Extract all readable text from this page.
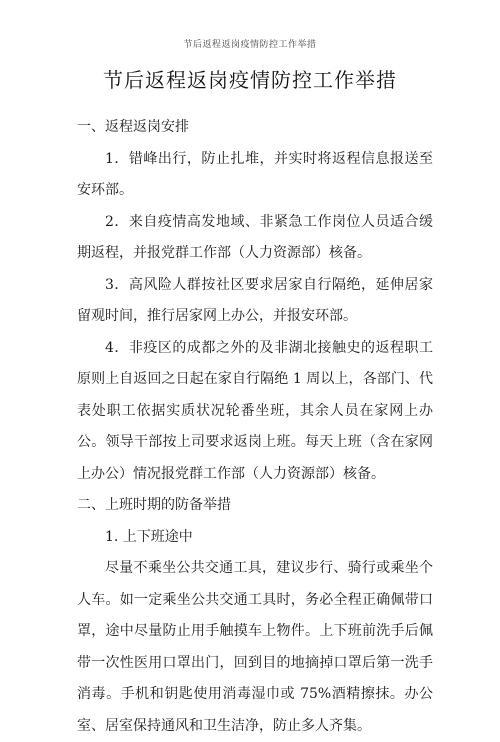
节后返程返岗疫情防控工作举措
节后返程返岗疫情防控工作举措
一、返程返岗安排

1．错峰出行，防止扎堆，并实时将返程信息报送至安环部。

2．来自疫情高发地域、非紧急工作岗位人员适合缓期返程，并报党群工作部（人力资源部）核备。

3．高风险人群按社区要求居家自行隔绝，延伸居家留观时间，推行居家网上办公，并报安环部。

4．非疫区的成都之外的及非湖北接触史的返程职工原则上自返回之日起在家自行隔绝 1 周以上，各部门、代表处职工依据实质状况轮番坐班，其余人员在家网上办公。领导干部按上司要求返岗上班。每天上班（含在家网上办公）情况报党群工作部（人力资源部）核备。

二、上班时期的防备举措
1. 上下班途中

尽量不乘坐公共交通工具，建议步行、骑行或乘坐个人车。如一定乘坐公共交通工具时，务必全程正确佩带口罩，途中尽量防止用手触摸车上物件。上下班前洗手后佩带一次性医用口罩出门，回到目的地摘掉口罩后第一洗手消毒。手机和钥匙使用消毒湿巾或 75%酒精擦抹。办公室、居室保持通风和卫生洁净，防止多人齐集。
